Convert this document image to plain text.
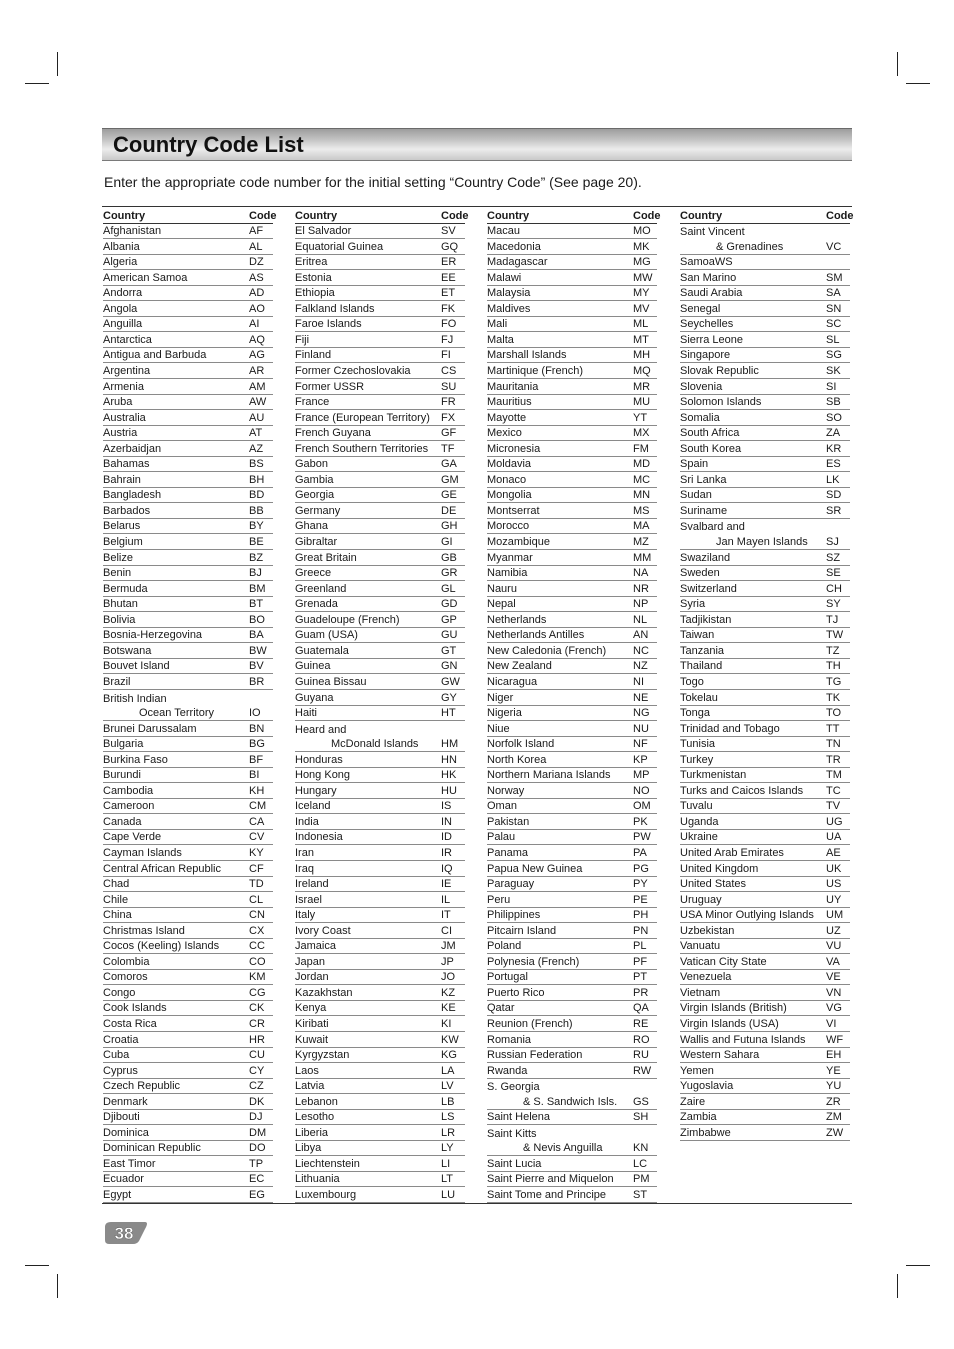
Country Code List
Enter the appropriate code number for the initial setting “Country Code” (See page 20).
Country	Code
Afghanistan	AF
Albania	AL
Algeria	DZ
American Samoa	AS
Andorra	AD
Angola	AO
Anguilla	AI
Antarctica	AQ
Antigua and Barbuda	AG
Argentina	AR
Armenia	AM
Aruba	AW
Australia	AU
Austria	AT
Azerbaidjan	AZ
Bahamas	BS
Bahrain	BH
Bangladesh	BD
Barbados	BB
Belarus	BY
Belgium	BE
Belize	BZ
Benin	BJ
Bermuda	BM
Bhutan	BT
Bolivia	BO
Bosnia-Herzegovina	BA
Botswana	BW
Bouvet Island	BV
Brazil	BR
British Indian
Ocean Territory	IO
Brunei Darussalam	BN
Bulgaria	BG
Burkina Faso	BF
Burundi	BI
Cambodia	KH
Cameroon	CM
Canada	CA
Cape Verde	CV
Cayman Islands	KY
Central African Republic	CF
Chad	TD
Chile	CL
China	CN
Christmas Island	CX
Cocos (Keeling) Islands	CC
Colombia	CO
Comoros	KM
Congo	CG
Cook Islands	CK
Costa Rica	CR
Croatia	HR
Cuba	CU
Cyprus	CY
Czech Republic	CZ
Denmark	DK
Djibouti	DJ
Dominica	DM
Dominican Republic	DO
East Timor	TP
Ecuador	EC
Egypt	EG
Country	Code
El Salvador	SV
Equatorial Guinea	GQ
Eritrea	ER
Estonia	EE
Ethiopia	ET
Falkland Islands	FK
Faroe Islands	FO
Fiji	FJ
Finland	FI
Former Czechoslovakia	CS
Former USSR	SU
France	FR
France (European Territory)	FX
French Guyana	GF
French Southern Territories	TF
Gabon	GA
Gambia	GM
Georgia	GE
Germany	DE
Ghana	GH
Gibraltar	GI
Great Britain	GB
Greece	GR
Greenland	GL
Grenada	GD
Guadeloupe (French)	GP
Guam (USA)	GU
Guatemala	GT
Guinea	GN
Guinea Bissau	GW
Guyana	GY
Haiti	HT
Heard and
McDonald Islands	HM
Honduras	HN
Hong Kong	HK
Hungary	HU
Iceland	IS
India	IN
Indonesia	ID
Iran	IR
Iraq	IQ
Ireland	IE
Israel	IL
Italy	IT
Ivory Coast	CI
Jamaica	JM
Japan	JP
Jordan	JO
Kazakhstan	KZ
Kenya	KE
Kiribati	KI
Kuwait	KW
Kyrgyzstan	KG
Laos	LA
Latvia	LV
Lebanon	LB
Lesotho	LS
Liberia	LR
Libya	LY
Liechtenstein	LI
Lithuania	LT
Luxembourg	LU
Country	Code
Macau	MO
Macedonia	MK
Madagascar	MG
Malawi	MW
Malaysia	MY
Maldives	MV
Mali	ML
Malta	MT
Marshall Islands	MH
Martinique (French)	MQ
Mauritania	MR
Mauritius	MU
Mayotte	YT
Mexico	MX
Micronesia	FM
Moldavia	MD
Monaco	MC
Mongolia	MN
Montserrat	MS
Morocco	MA
Mozambique	MZ
Myanmar	MM
Namibia	NA
Nauru	NR
Nepal	NP
Netherlands	NL
Netherlands Antilles	AN
New Caledonia (French)	NC
New Zealand	NZ
Nicaragua	NI
Niger	NE
Nigeria	NG
Niue	NU
Norfolk Island	NF
North Korea	KP
Northern Mariana Islands	MP
Norway	NO
Oman	OM
Pakistan	PK
Palau	PW
Panama	PA
Papua New Guinea	PG
Paraguay	PY
Peru	PE
Philippines	PH
Pitcairn Island	PN
Poland	PL
Polynesia (French)	PF
Portugal	PT
Puerto Rico	PR
Qatar	QA
Reunion (French)	RE
Romania	RO
Russian Federation	RU
Rwanda	RW
S. Georgia
& S. Sandwich Isls.	GS
Saint Helena	SH
Saint Kitts
& Nevis Anguilla	KN
Saint Lucia	LC
Saint Pierre and Miquelon	PM
Saint Tome and Principe	ST
Country	Code
Saint Vincent
& Grenadines	VC
SamoaWS
San Marino	SM
Saudi Arabia	SA
Senegal	SN
Seychelles	SC
Sierra Leone	SL
Singapore	SG
Slovak Republic	SK
Slovenia	SI
Solomon Islands	SB
Somalia	SO
South Africa	ZA
South Korea	KR
Spain	ES
Sri Lanka	LK
Sudan	SD
Suriname	SR
Svalbard and
Jan Mayen Islands	SJ
Swaziland	SZ
Sweden	SE
Switzerland	CH
Syria	SY
Tadjikistan	TJ
Taiwan	TW
Tanzania	TZ
Thailand	TH
Togo	TG
Tokelau	TK
Tonga	TO
Trinidad and Tobago	TT
Tunisia	TN
Turkey	TR
Turkmenistan	TM
Turks and Caicos Islands	TC
Tuvalu	TV
Uganda	UG
Ukraine	UA
United Arab Emirates	AE
United Kingdom	UK
United States	US
Uruguay	UY
USA Minor Outlying Islands	UM
Uzbekistan	UZ
Vanuatu	VU
Vatican City State	VA
Venezuela	VE
Vietnam	VN
Virgin Islands (British)	VG
Virgin Islands (USA)	VI
Wallis and Futuna Islands	WF
Western Sahara	EH
Yemen	YE
Yugoslavia	YU
Zaire	ZR
Zambia	ZM
Zimbabwe	ZW
38
